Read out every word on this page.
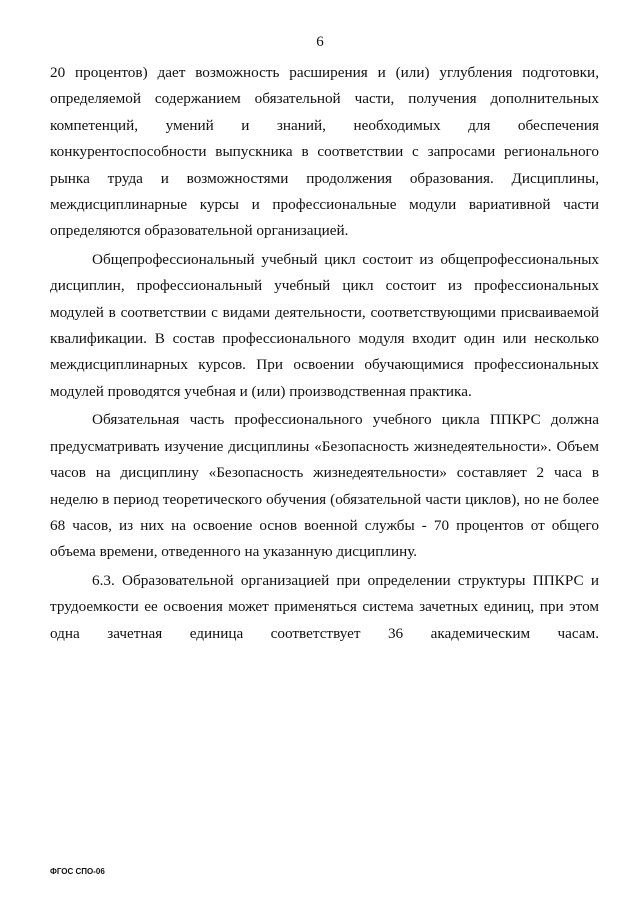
6

20 процентов) дает возможность расширения и (или) углубления подготовки, определяемой содержанием обязательной части, получения дополнительных компетенций, умений и знаний, необходимых для обеспечения конкурентоспособности выпускника в соответствии с запросами регионального рынка труда и возможностями продолжения образования. Дисциплины, междисциплинарные курсы и профессиональные модули вариативной части определяются образовательной организацией.

Общепрофессиональный учебный цикл состоит из общепрофессиональных дисциплин, профессиональный учебный цикл состоит из профессиональных модулей в соответствии с видами деятельности, соответствующими присваиваемой квалификации. В состав профессионального модуля входит один или несколько междисциплинарных курсов. При освоении обучающимися профессиональных модулей проводятся учебная и (или) производственная практика.

Обязательная часть профессионального учебного цикла ППКРС должна предусматривать изучение дисциплины «Безопасность жизнедеятельности». Объем часов на дисциплину «Безопасность жизнедеятельности» составляет 2 часа в неделю в период теоретического обучения (обязательной части циклов), но не более 68 часов, из них на освоение основ военной службы - 70 процентов от общего объема времени, отведенного на указанную дисциплину.

6.3. Образовательной организацией при определении структуры ППКРС и трудоемкости ее освоения может применяться система зачетных единиц, при этом одна зачетная единица соответствует 36 академическим часам.

ФГОС СПО-06
